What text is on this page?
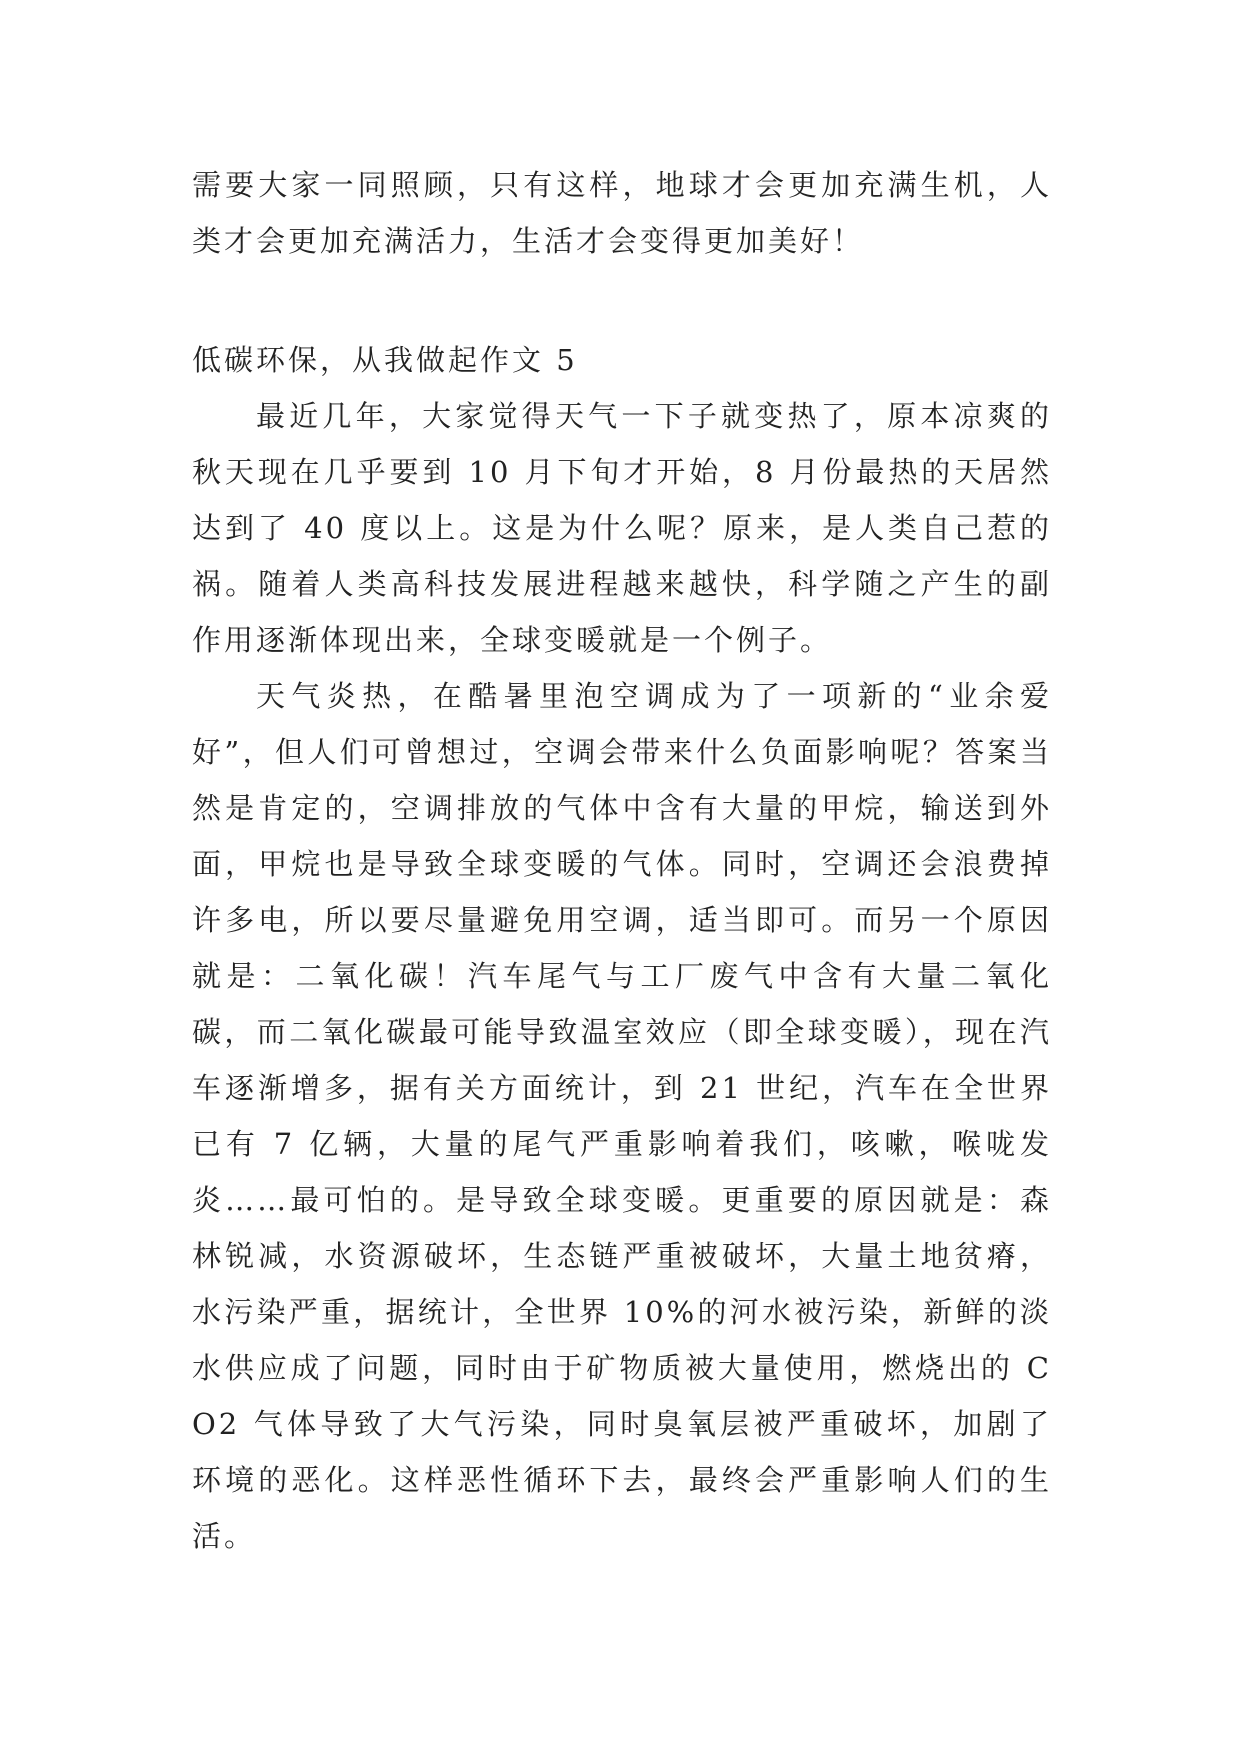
需要大家一同照顾，只有这样，地球才会更加充满生机，人类才会更加充满活力，生活才会变得更加美好！

低碳环保，从我做起作文 5

最近几年，大家觉得天气一下子就变热了，原本凉爽的秋天现在几乎要到 10 月下旬才开始，8 月份最热的天居然达到了 40 度以上。这是为什么呢？原来，是人类自己惹的祸。随着人类高科技发展进程越来越快，科学随之产生的副作用逐渐体现出来，全球变暖就是一个例子。

天气炎热，在酷暑里泡空调成为了一项新的“业余爱好”，但人们可曾想过，空调会带来什么负面影响呢？答案当然是肯定的，空调排放的气体中含有大量的甲烷，输送到外面，甲烷也是导致全球变暖的气体。同时，空调还会浪费掉许多电，所以要尽量避免用空调，适当即可。而另一个原因就是：二氧化碳！汽车尾气与工厂废气中含有大量二氧化碳，而二氧化碳最可能导致温室效应（即全球变暖），现在汽车逐渐增多，据有关方面统计，到 21 世纪，汽车在全世界已有 7 亿辆，大量的尾气严重影响着我们，咳嗽，喉咙发炎……最可怕的。是导致全球变暖。更重要的原因就是：森林锐减，水资源破坏，生态链严重被破坏，大量土地贫瘠，水污染严重，据统计，全世界 10%的河水被污染，新鲜的淡水供应成了问题，同时由于矿物质被大量使用，燃烧出的 CO2 气体导致了大气污染，同时臭氧层被严重破坏，加剧了环境的恶化。这样恶性循环下去，最终会严重影响人们的生活。
